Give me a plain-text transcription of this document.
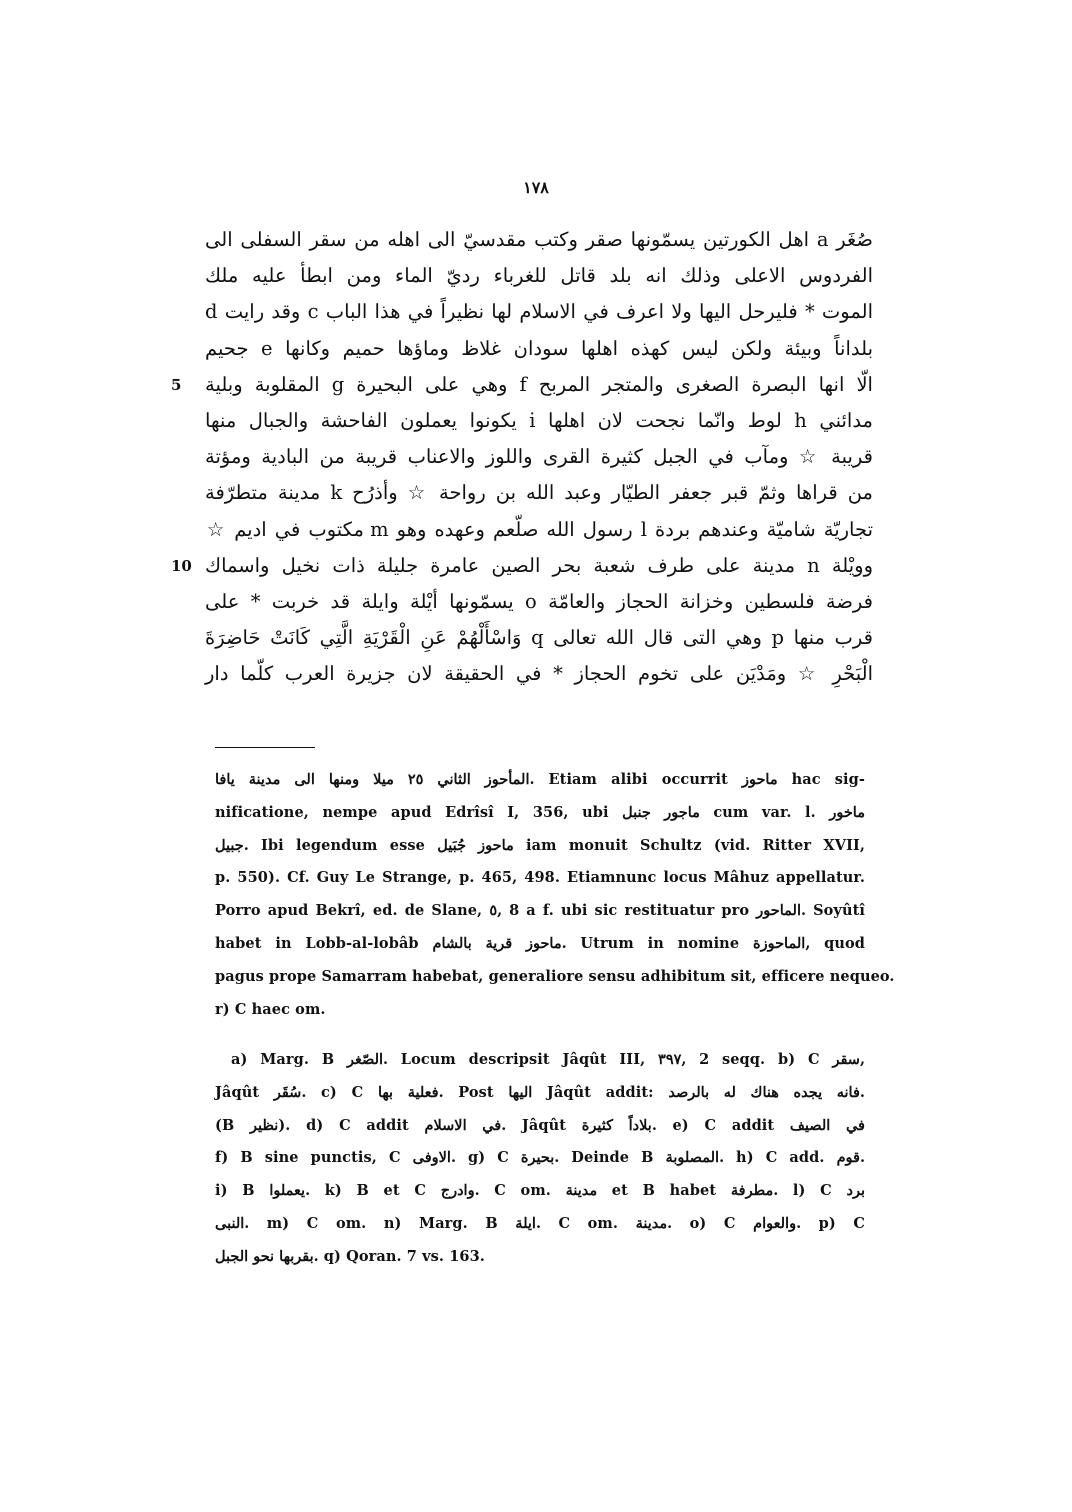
١٧٨
صُغَر a اهل الكورتين يسمّونها صقر وكتب مقدسيّ الى اهله من سقر السفلى الى
الفردوس الاعلى وذلك انه بلد قاتل للغرباء رديّ الماء ومن ابطأ عليه ملك
الموت * فليرحل اليها ولا اعرف في الاسلام لها نظيراً في هذا الباب c وقد رايت d
بلداناً وبيئة ولكن ليس كهذه اهلها سودان غلاظ وماؤها حميم وكانها e جحيم
5 الّا انها البصرة الصغرى والمتجر المربح f وهي على البحيرة g المقلوبة وبلية
مدائني h لوط وانّما نجحت لان اهلها i يكونوا يعملون الفاحشة والجبال منها
قريبة ☆ ومآب في الجبل كثيرة القرى واللوز والاعناب قريبة من البادية ومؤتة
من قراها وثمّ قبر جعفر الطيّار وعبد الله بن رواحة ☆ وأذرُح k مدينة متطرّفة
تجاريّة شاميّة وعندهم بردة l رسول الله صلّعم وعهده وهو m مكتوب في اديم ☆
10 وويْلة n مدينة على طرف شعبة بحر الصين عامرة جليلة ذات نخيل واسماك
فرضة فلسطين وخزانة الحجاز والعامّة o يسمّونها أيْلة وايلة قد خربت * على
قرب منها p وهي التى قال الله تعالى q وَاسْأَلْهُمْ عَنِ الْقَرْيَةِ الَّتِي كَانَتْ حَاضِرَةَ
الْبَحْرِ ☆ ومَدْيَن على تخوم الحجاز * في الحقيقة لان جزيرة العرب كلّما دار
المأحوز الثاني ٢٥ ميلا ومنها الى مدينة يافا. Etiam alibi occurrit ماحوز hac sig-
nificatione, nempe apud Edrîsî I, 356, ubi ماجور جنبل cum var. l. ماخور
جبيل. Ibi legendum esse ماحوز جُبَيل iam monuit Schultz (vid. Ritter XVII,
p. 550). Cf. Guy Le Strange, p. 465, 498. Etiamnunc locus Mâhuz appellatur.
Porro apud Bekrî, ed. de Slane, ٥, 8 a f. ubi sic restituatur pro الماحور. Soyûtî
habet in Lobb-al-lobâb ماحوز قرية بالشام. Utrum in nomine الماحوزة, quod
pagus prope Samarram habebat, generaliore sensu adhibitum sit, efficere nequeo.
r) C haec om.
a) Marg. B الصّغر. Locum descripsit Jâqût III, ٣٩٧, 2 seqq. b) C سقر,
Jâqût سُقَر. c) C فعلية بها. Post اليها Jâqût addit: فانه يجده هناك له بالرصد.
(B نظير). d) C addit في الاسلام. Jâqût بلاداً كثيرة. e) C addit في الصيف
f) B sine punctis, C الاوفى. g) C بحيرة. Deinde B المصلوبة. h) C add. قوم.
i) B يعملوا. k) B et C وادرج. C om. مدينة et B habet مطرفة. l) C برد
النبى. m) C om. n) Marg. B ايلة. C om. مدينة. o) C والعوام. p) C
بقربها نحو الجبل. q) Qoran. 7 vs. 163.
